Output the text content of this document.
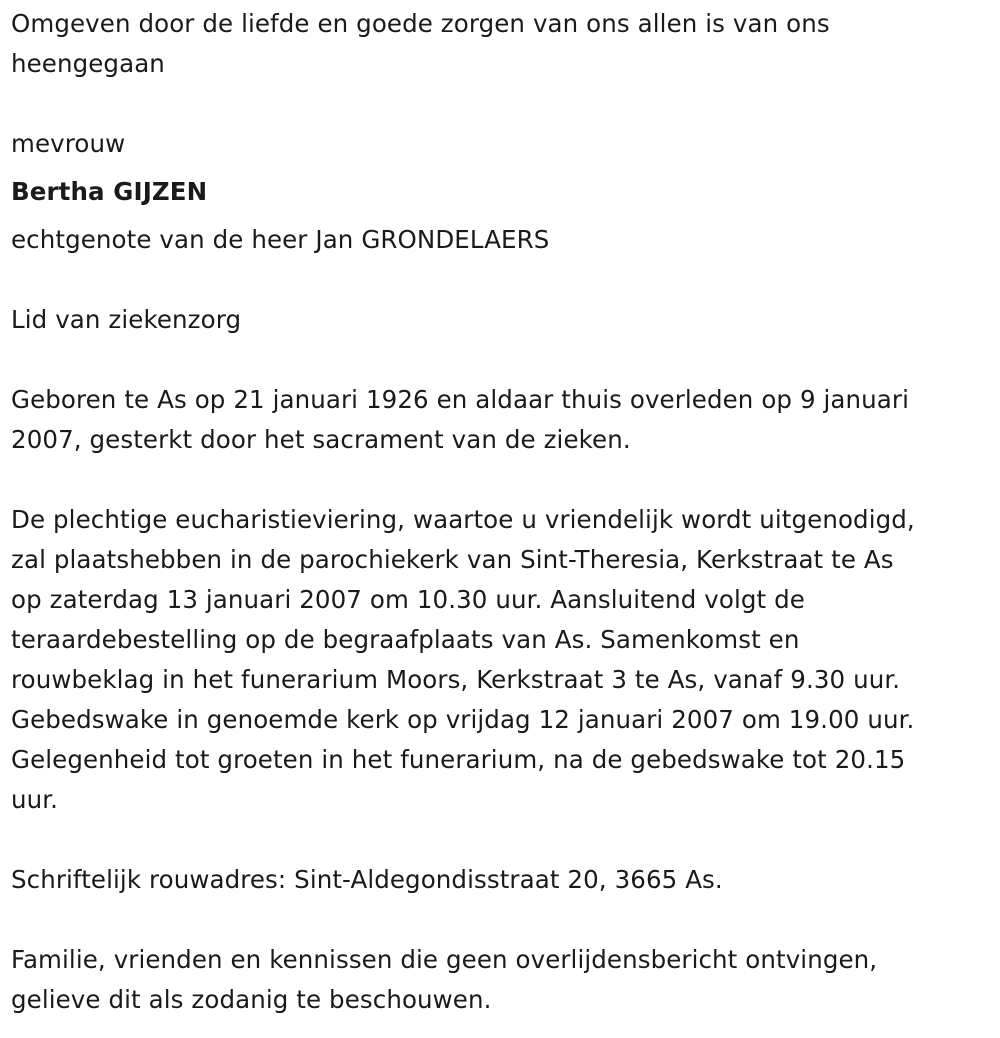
Omgeven door de liefde en goede zorgen van ons allen is van ons

heengegaan

mevrouw

Bertha GIJZEN

echtgenote van de heer Jan GRONDELAERS

Lid van ziekenzorg

Geboren te As op 21 januari 1926 en aldaar thuis overleden op 9 januari

2007, gesterkt door het sacrament van de zieken.

De plechtige eucharistieviering, waartoe u vriendelijk wordt uitgenodigd,

zal plaatshebben in de parochiekerk van Sint-Theresia, Kerkstraat te As

op zaterdag 13 januari 2007 om 10.30 uur. Aansluitend volgt de

teraardebestelling op de begraafplaats van As. Samenkomst en

rouwbeklag in het funerarium Moors, Kerkstraat 3 te As, vanaf 9.30 uur.

Gebedswake in genoemde kerk op vrijdag 12 januari 2007 om 19.00 uur.

Gelegenheid tot groeten in het funerarium, na de gebedswake tot 20.15

uur.

Schriftelijk rouwadres: Sint-Aldegondisstraat 20, 3665 As.

Familie, vrienden en kennissen die geen overlijdensbericht ontvingen,

gelieve dit als zodanig te beschouwen.
